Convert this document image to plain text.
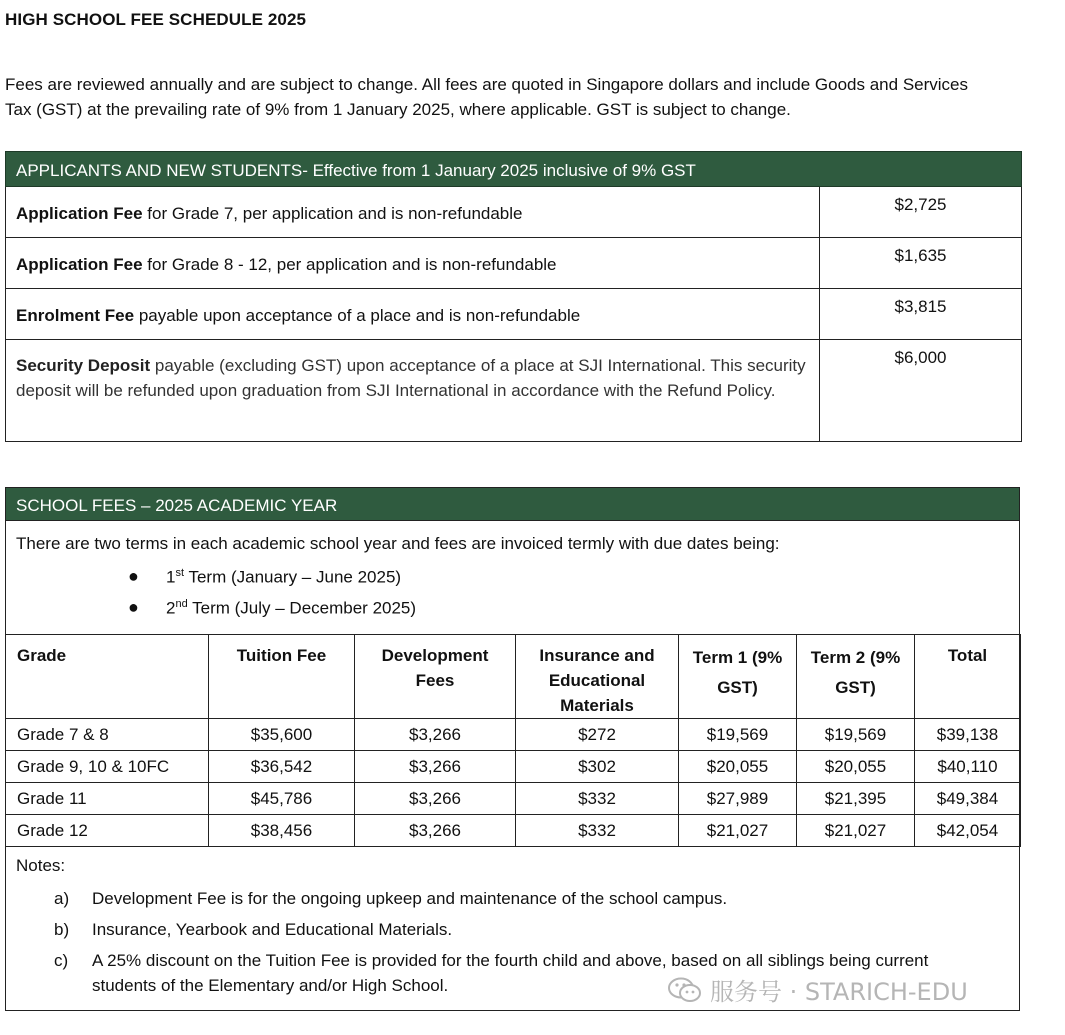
HIGH SCHOOL FEE SCHEDULE 2025
Fees are reviewed annually and are subject to change. All fees are quoted in Singapore dollars and include Goods and Services Tax (GST) at the prevailing rate of 9% from 1 January 2025, where applicable. GST is subject to change.
APPLICANTS AND NEW STUDENTS- Effective from 1 January 2025 inclusive of 9% GST	
Application Fee for Grade 7, per application and is non-refundable	$2,725
Application Fee for Grade 8 - 12, per application and is non-refundable	$1,635
Enrolment Fee payable upon acceptance of a place and is non-refundable	$3,815
Security Deposit payable (excluding GST) upon acceptance of a place at SJI International. This security deposit will be refunded upon graduation from SJI International in accordance with the Refund Policy.	$6,000
SCHOOL FEES – 2025 ACADEMIC YEAR
There are two terms in each academic school year and fees are invoiced termly with due dates being:
● 1st Term (January – June 2025)
● 2nd Term (July – December 2025)
Grade	Tuition Fee	Development Fees	Insurance and Educational Materials	Term 1 (9% GST)	Term 2 (9% GST)	Total
Grade 7 & 8	$35,600	$3,266	$272	$19,569	$19,569	$39,138
Grade 9, 10 & 10FC	$36,542	$3,266	$302	$20,055	$20,055	$40,110
Grade 11	$45,786	$3,266	$332	$27,989	$21,395	$49,384
Grade 12	$38,456	$3,266	$332	$21,027	$21,027	$42,054
Notes:
a) Development Fee is for the ongoing upkeep and maintenance of the school campus.
b) Insurance, Yearbook and Educational Materials.
c) A 25% discount on the Tuition Fee is provided for the fourth child and above, based on all siblings being current students of the Elementary and/or High School.	服务号 · STARICH-EDU
